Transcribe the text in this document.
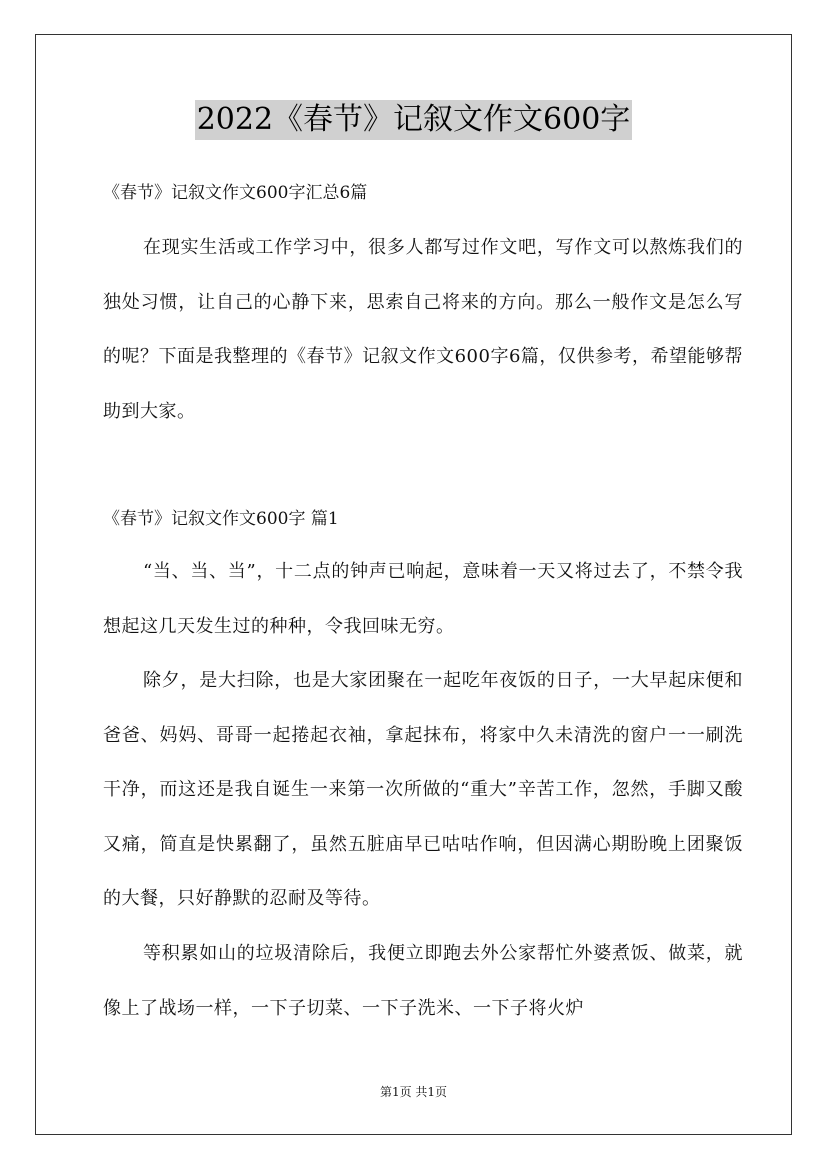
2022《春节》记叙文作文600字
《春节》记叙文作文600字汇总6篇

在现实生活或工作学习中，很多人都写过作文吧，写作文可以熬炼我们的独处习惯，让自己的心静下来，思索自己将来的方向。那么一般作文是怎么写的呢？下面是我整理的《春节》记叙文作文600字6篇，仅供参考，希望能够帮助到大家。

《春节》记叙文作文600字 篇1

“当、当、当”，十二点的钟声已响起，意味着一天又将过去了，不禁令我想起这几天发生过的种种，令我回味无穷。

除夕，是大扫除，也是大家团聚在一起吃年夜饭的日子，一大早起床便和爸爸、妈妈、哥哥一起捲起衣袖，拿起抹布，将家中久未清洗的窗户一一刷洗干净，而这还是我自诞生一来第一次所做的“重大”辛苦工作，忽然，手脚又酸又痛，简直是快累翻了，虽然五脏庙早已咕咕作响，但因满心期盼晚上团聚饭的大餐，只好静默的忍耐及等待。

等积累如山的垃圾清除后，我便立即跑去外公家帮忙外婆煮饭、做菜，就像上了战场一样，一下子切菜、一下子洗米、一下子将火炉

第1页 共1页
